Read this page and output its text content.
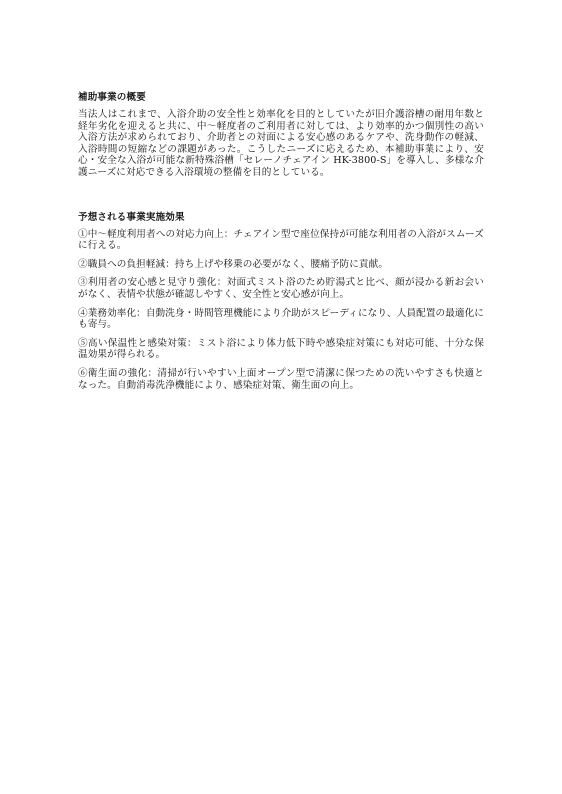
補助事業の概要

当法人はこれまで、入浴介助の安全性と効率化を目的としていたが旧介護浴槽の耐用年数と経年劣化を迎えると共に、中～軽度者のご利用者に対しては、より効率的かつ個別性の高い入浴方法が求められており、介助者との対面による安心感のあるケアや、洗身動作の軽減、入浴時間の短縮などの課題があった。こうしたニーズに応えるため、本補助事業により、安心・安全な入浴が可能な新特殊浴槽「セレーノチェアイン HK-3800-S」を導入し、多様な介護ニーズに対応できる入浴環境の整備を目的としている。

予想される事業実施効果

①中～軽度利用者への対応力向上：チェアイン型で座位保持が可能な利用者の入浴がスムーズに行える。

②職員への負担軽減：持ち上げや移乗の必要がなく、腰痛予防に貢献。

③利用者の安心感と見守り強化：対面式ミスト浴のため貯湯式と比べ、顔が浸かる新お会いがなく、表情や状態が確認しやすく、安全性と安心感が向上。

④業務効率化：自動洗身・時間管理機能により介助がスピーディになり、人員配置の最適化にも寄与。

⑤高い保温性と感染対策：ミスト浴により体力低下時や感染症対策にも対応可能、十分な保温効果が得られる。

⑥衛生面の強化：清掃が行いやすい上面オープン型で清潔に保つための洗いやすさも快適となった。自動消毒洗浄機能により、感染症対策、衛生面の向上。
